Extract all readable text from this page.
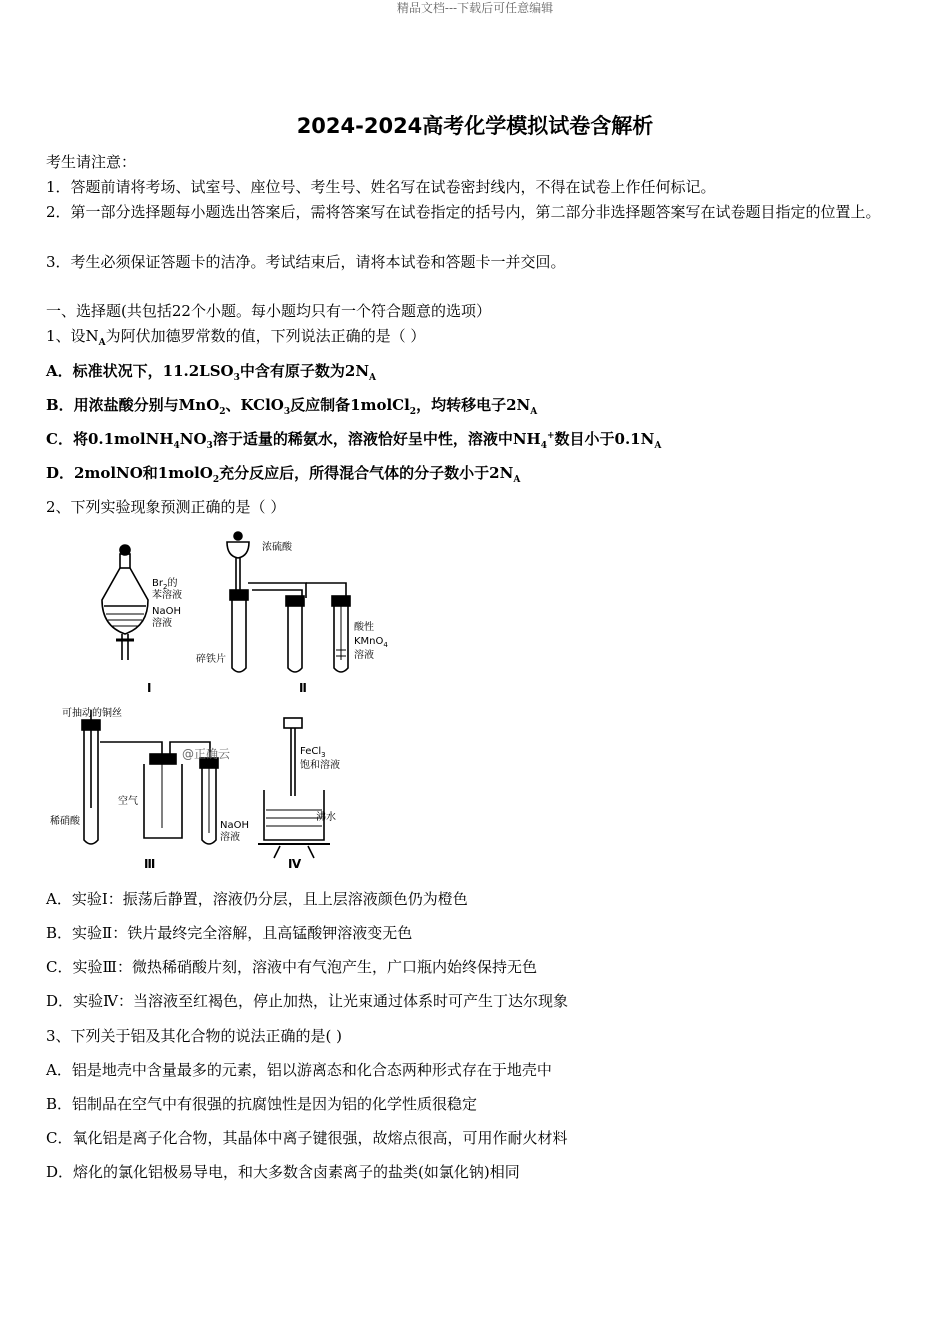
精品文档---下载后可任意编辑
2024-2024高考化学模拟试卷含解析
考生请注意：
1．答题前请将考场、试室号、座位号、考生号、姓名写在试卷密封线内，不得在试卷上作任何标记。
2．第一部分选择题每小题选出答案后，需将答案写在试卷指定的括号内，第二部分非选择题答案写在试卷题目指定的位置上。
3．考生必须保证答题卡的洁净。考试结束后，请将本试卷和答题卡一并交回。
一、选择题(共包括22个小题。每小题均只有一个符合题意的选项）
1、设$N_A$为阿伏加德罗常数的值，下列说法正确的是（ ）
A．标准状况下，$11.2LSO_3$中含有原子数为$2N_A$
B．用浓盐酸分别与MnO$_2$、KClO$_3$反应制备1molCl$_2$，均转移电子$2N_A$
C．将$0.1molNH_4NO_3$溶于适量的稀氨水，溶液恰好呈中性，溶液中$NH_4^+$数目小于$0.1N_A$
D．2molNO和1molO$_2$充分反应后，所得混合气体的分子数小于$2N_A$
2、下列实验现象预测正确的是（ ）
$Br_2$的
苯溶液
NaOH
溶液
Ⅰ
浓硫酸
碎铁片
酸性
KMnO$_4$
溶液
Ⅱ
可抽动的铜丝
稀硝酸
空气
NaOH
溶液
Ⅲ
FeCl$_3$
饱和溶液
沸水
Ⅳ
@正确云
A．实验Ⅰ：振荡后静置，溶液仍分层，且上层溶液颜色仍为橙色
B．实验Ⅱ：铁片最终完全溶解，且高锰酸钾溶液变无色
C．实验Ⅲ：微热稀硝酸片刻，溶液中有气泡产生，广口瓶内始终保持无色
D．实验Ⅳ：当溶液至红褐色，停止加热，让光束通过体系时可产生丁达尔现象
3、下列关于铝及其化合物的说法正确的是( )
A．铝是地壳中含量最多的元素，铝以游离态和化合态两种形式存在于地壳中
B．铝制品在空气中有很强的抗腐蚀性是因为铝的化学性质很稳定
C．氧化铝是离子化合物，其晶体中离子键很强，故熔点很高，可用作耐火材料
D．熔化的氯化铝极易导电，和大多数含卤素离子的盐类(如氯化钠)相同
